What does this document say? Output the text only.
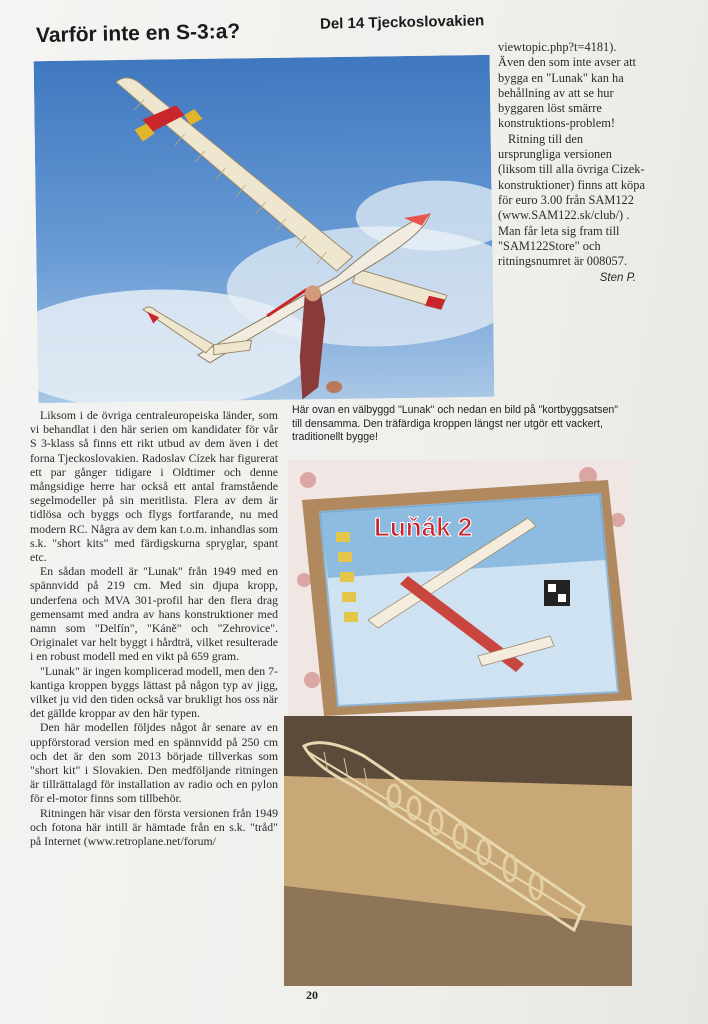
Varför inte en S-3:a?	Del 14 Tjeckoslovakien

viewtopic.php?t=4181). Även den som inte avser att bygga en "Lunak" kan ha behållning av att se hur byggaren löst smärre konstruktions-problem!

Ritning till den ursprungliga versionen (liksom till alla övriga Cizek-konstruktioner) finns att köpa för euro 3.00 från SAM122 (www.SAM122.sk/club/) . Man får leta sig fram till "SAM122Store" och ritningsnumret är 008057.

Sten P.
Här ovan en välbyggd "Lunak" och nedan en bild på "kortbyggsatsen" till densamma. Den träfärdiga kroppen längst ner utgör ett vackert, traditionellt bygge!

Liksom i de övriga centraleuropeiska länder, som vi behandlat i den här serien om kandidater för vår S 3-klass så finns ett rikt utbud av dem även i det forna Tjeckoslovakien. Radoslav Cízek har figurerat ett par gånger tidigare i Oldtimer och denne mångsidige herre har också ett antal framstående segelmodeller på sin meritlista. Flera av dem är tidlösa och byggs och flygs fortfarande, nu med modern RC. Några av dem kan t.o.m. inhandlas som s.k. "short kits" med färdigskurna spryglar, spant etc.

En sådan modell är "Lunak" från 1949 med en spännvidd på 219 cm. Med sin djupa kropp, underfena och MVA 301-profil har den flera drag gemensamt med andra av hans konstruktioner med namn som "Delfín", "Káně" och "Zehrovice". Originalet var helt byggt i hårdträ, vilket resulterade i en robust modell med en vikt på 659 gram.

"Lunak" är ingen komplicerad modell, men den 7-kantiga kroppen byggs lättast på någon typ av jigg, vilket ju vid den tiden också var brukligt hos oss när det gällde kroppar av den här typen.

Den här modellen följdes något år senare av en uppförstorad version med en spännvidd på 250 cm och det är den som 2013 började tillverkas som "short kit" i Slovakien. Den medföljande ritningen är tillrättalagd för installation av radio och en pylon för el-motor finns som tillbehör.

Ritningen här visar den första versionen från 1949 och fotona här intill är hämtade från en s.k. "tråd" på Internet (www.retroplane.net/forum/

Luňák 2
20
